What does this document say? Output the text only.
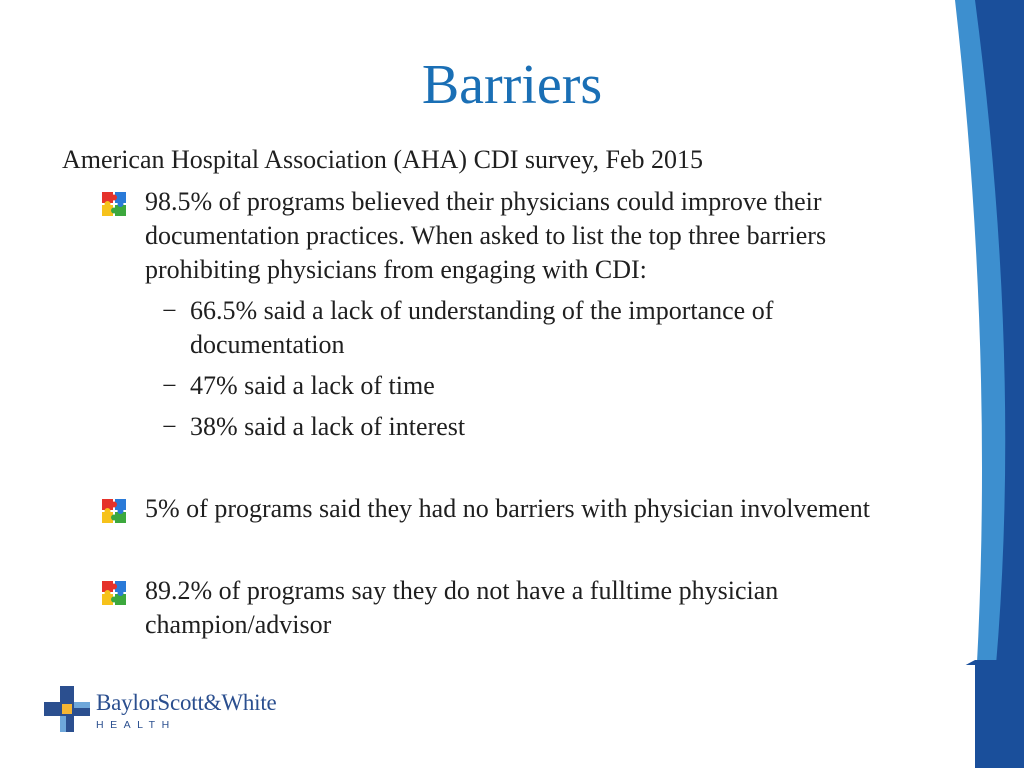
Barriers
American Hospital Association (AHA) CDI survey, Feb 2015
98.5% of programs believed their physicians could improve their documentation practices. When asked to list the top three barriers prohibiting physicians from engaging with CDI:
− 66.5% said a lack of understanding of the importance of documentation
− 47% said a lack of time
− 38% said a lack of interest
5% of programs said they had no barriers with physician involvement
89.2% of programs say they do not have a fulltime physician champion/advisor
BaylorScott&White
HEALTH
